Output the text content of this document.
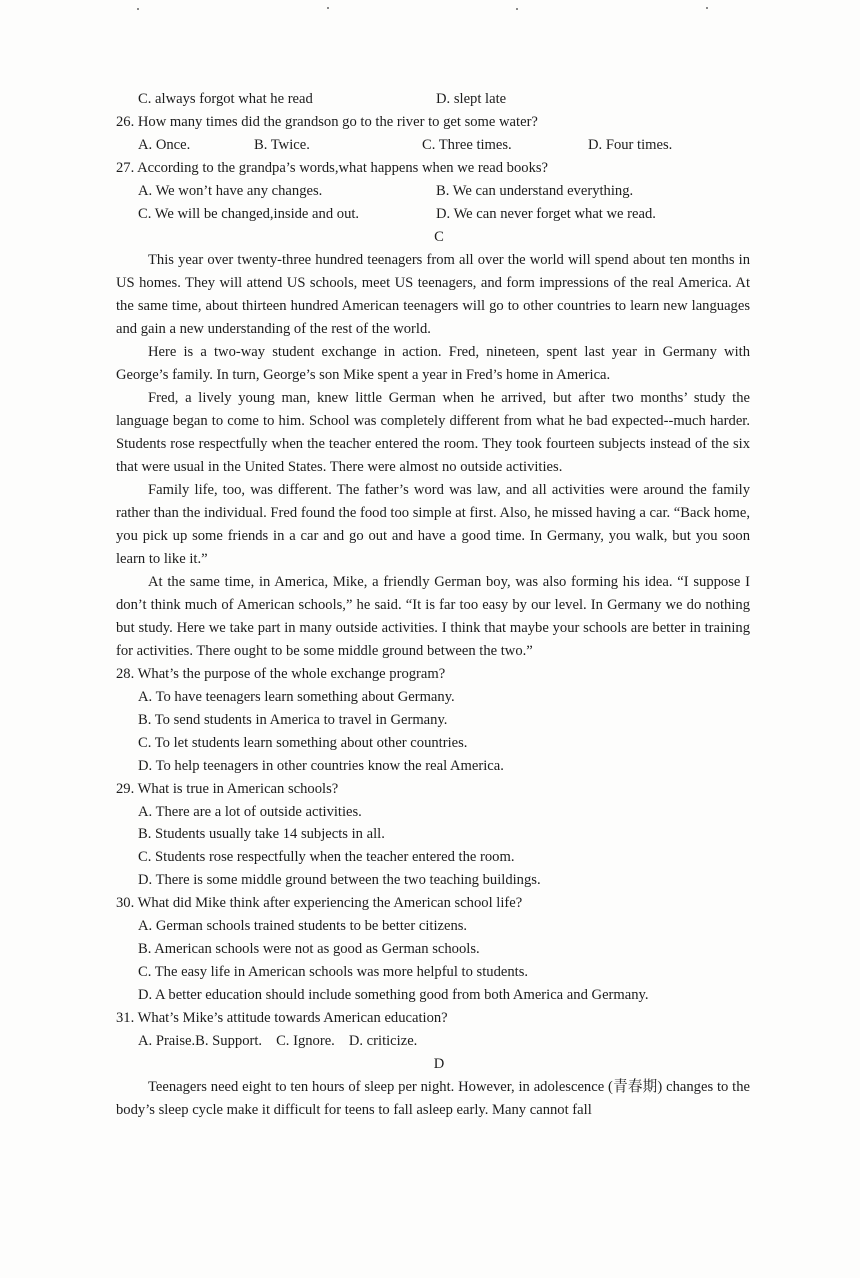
C. always forgot what he read	D. slept late
26. How many times did the grandson go to the river to get some water?
A. Once.	B. Twice.	C. Three times.	D. Four times.
27. According to the grandpa’s words,what happens when we read books?
A. We won’t have any changes.	B. We can understand everything.
C. We will be changed,inside and out.	D. We can never forget what we read.
C

This year over twenty-three hundred teenagers from all over the world will spend about ten months in US homes. They will attend US schools, meet US teenagers, and form impressions of the real America. At the same time, about thirteen hundred American teenagers will go to other countries to learn new languages and gain a new understanding of the rest of the world.

Here is a two-way student exchange in action. Fred, nineteen, spent last year in Germany with George’s family. In turn, George’s son Mike spent a year in Fred’s home in America.

Fred, a lively young man, knew little German when he arrived, but after two months’ study the language began to come to him. School was completely different from what he bad expected--much harder. Students rose respectfully when the teacher entered the room. They took fourteen subjects instead of the six that were usual in the United States. There were almost no outside activities.

Family life, too, was different. The father’s word was law, and all activities were around the family rather than the individual. Fred found the food too simple at first. Also, he missed having a car. “Back home, you pick up some friends in a car and go out and have a good time. In Germany, you walk, but you soon learn to like it.”

At the same time, in America, Mike, a friendly German boy, was also forming his idea. “I suppose I don’t think much of American schools,” he said. “It is far too easy by our level. In Germany we do nothing but study. Here we take part in many outside activities. I think that maybe your schools are better in training for activities. There ought to be some middle ground between the two.”

28. What’s the purpose of the whole exchange program?
A. To have teenagers learn something about Germany.
B. To send students in America to travel in Germany.
C. To let students learn something about other countries.
D. To help teenagers in other countries know the real America.
29. What is true in American schools?
A. There are a lot of outside activities.
B. Students usually take 14 subjects in all.
C. Students rose respectfully when the teacher entered the room.
D. There is some middle ground between the two teaching buildings.
30. What did Mike think after experiencing the American school life?
A. German schools trained students to be better citizens.
B. American schools were not as good as German schools.
C. The easy life in American schools was more helpful to students.
D. A better education should include something good from both America and Germany.
31. What’s Mike’s attitude towards American education?
A. Praise. B. Support. C. Ignore. D. criticize.
D

Teenagers need eight to ten hours of sleep per night. However, in adolescence (青春期) changes to the body’s sleep cycle make it difficult for teens to fall asleep early. Many cannot fall
